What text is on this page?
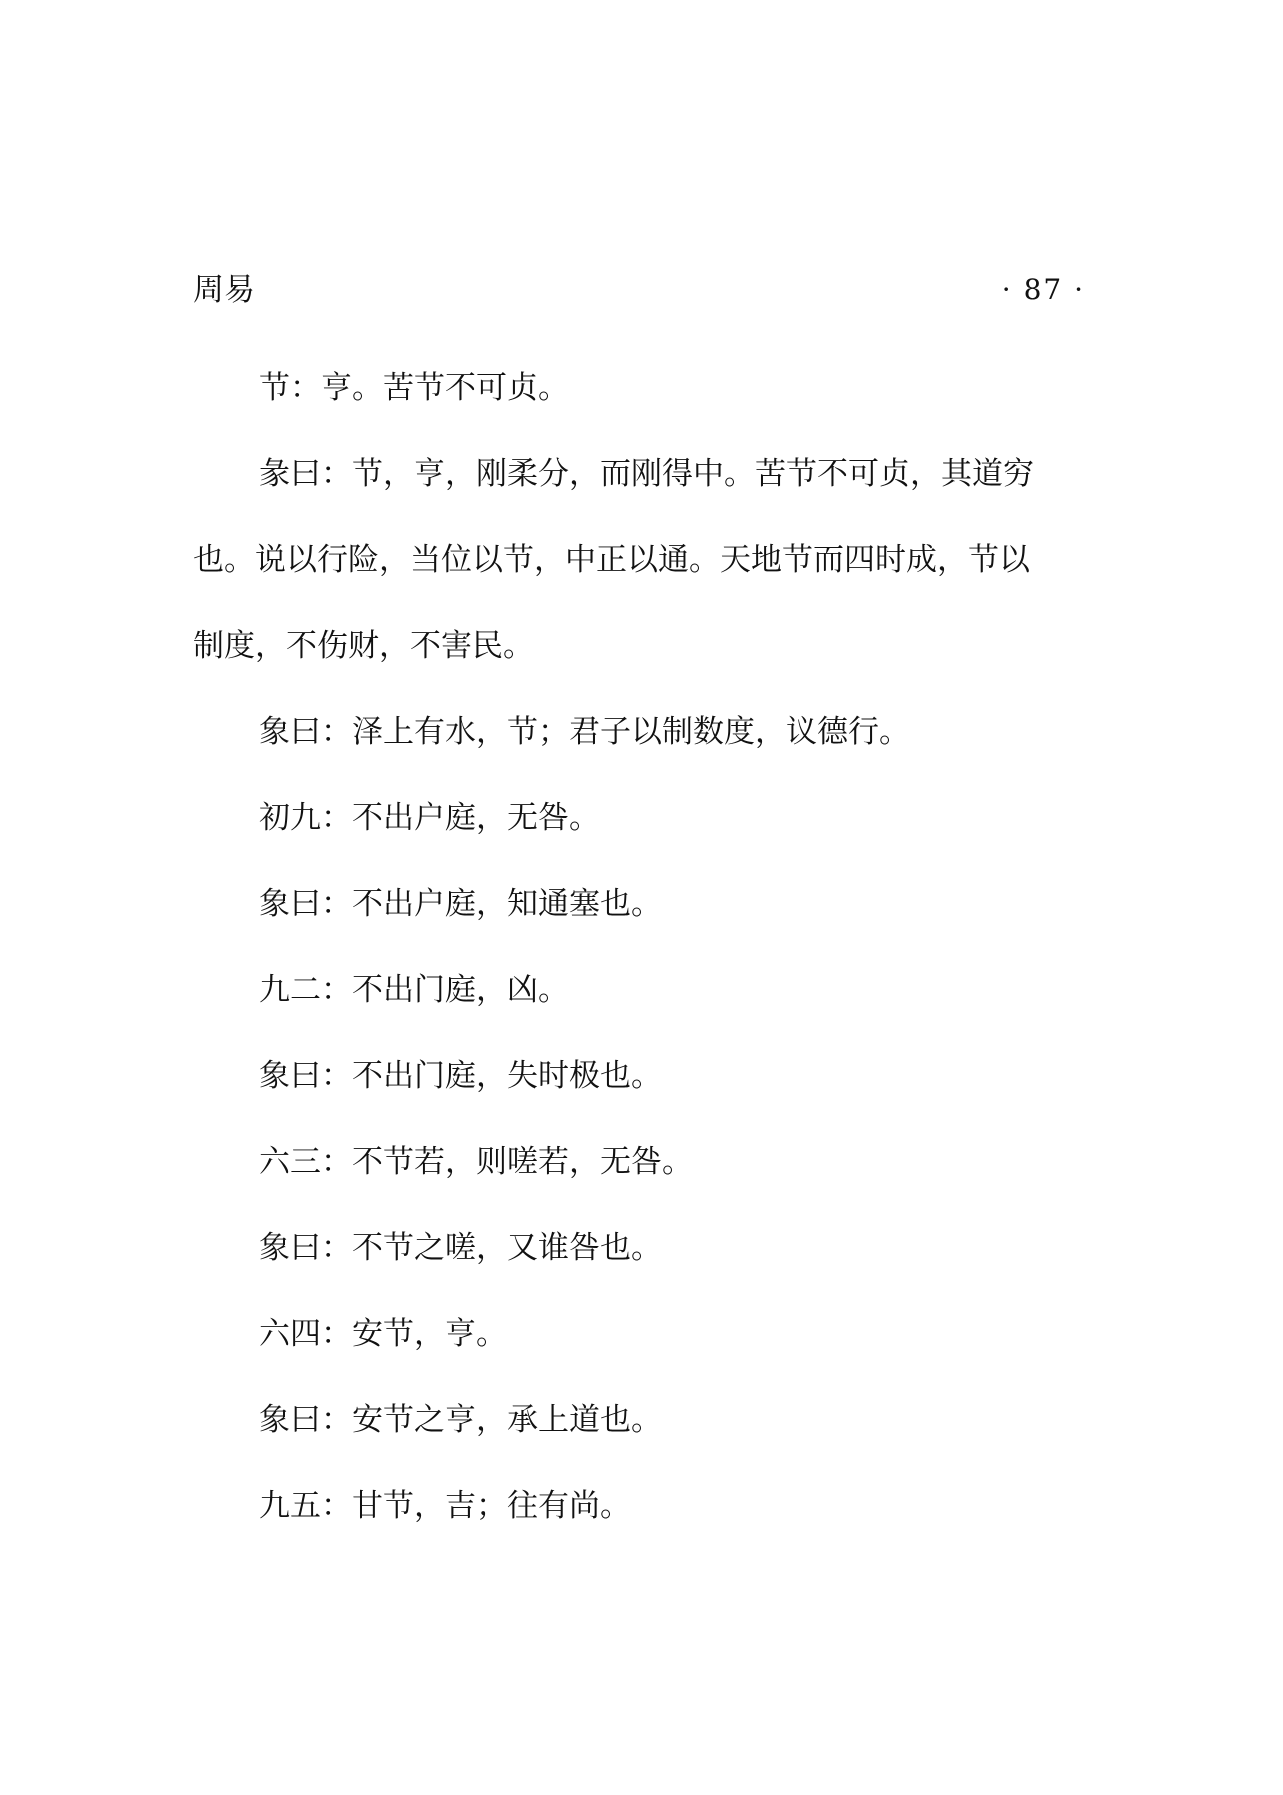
周易	· 87 ·

节：亨。苦节不可贞。

彖曰：节，亨，刚柔分，而刚得中。苦节不可贞，其道穷
也。说以行险，当位以节，中正以通。天地节而四时成，节以
制度，不伤财，不害民。

象曰：泽上有水，节；君子以制数度，议德行。

初九：不出户庭，无咎。

象曰：不出户庭，知通塞也。

九二：不出门庭，凶。

象曰：不出门庭，失时极也。

六三：不节若，则嗟若，无咎。

象曰：不节之嗟，又谁咎也。

六四：安节，亨。

象曰：安节之亨，承上道也。

九五：甘节，吉；往有尚。
